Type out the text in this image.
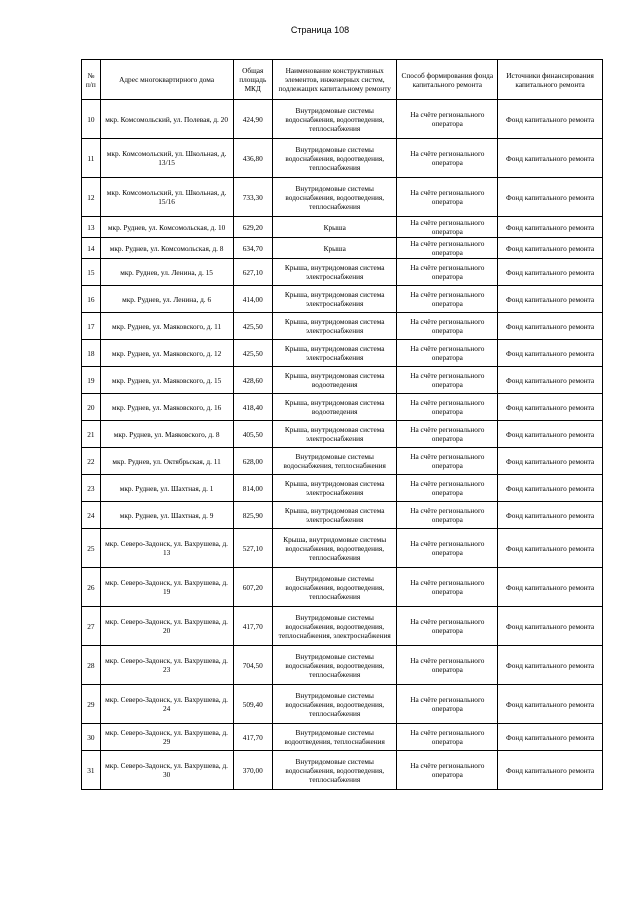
Страница 108
№ п/п	Адрес многоквартирного дома	Общая площадь МКД	Наименование конструктивных элементов, инженерных систем, подлежащих капитальному ремонту	Способ формирования фонда капитального ремонта	Источники финансирования капитального ремонта
10	мкр. Комсомольский, ул. Полевая, д. 20	424,90	Внутридомовые системы водоснабжения, водоотведения, теплоснабжения	На счёте регионального оператора	Фонд капитального ремонта
11	мкр. Комсомольский, ул. Школьная, д. 13/15	436,80	Внутридомовые системы водоснабжения, водоотведения, теплоснабжения	На счёте регионального оператора	Фонд капитального ремонта
12	мкр. Комсомольский, ул. Школьная, д. 15/16	733,30	Внутридомовые системы водоснабжения, водоотведения, теплоснабжения	На счёте регионального оператора	Фонд капитального ремонта
13	мкр. Руднев, ул. Комсомольская, д. 10	629,20	Крыша	На счёте регионального оператора	Фонд капитального ремонта
14	мкр. Руднев, ул. Комсомольская, д. 8	634,70	Крыша	На счёте регионального оператора	Фонд капитального ремонта
15	мкр. Руднев, ул. Ленина, д. 15	627,10	Крыша, внутридомовая система электроснабжения	На счёте регионального оператора	Фонд капитального ремонта
16	мкр. Руднев, ул. Ленина, д. 6	414,00	Крыша, внутридомовая система электроснабжения	На счёте регионального оператора	Фонд капитального ремонта
17	мкр. Руднев, ул. Маяковского, д. 11	425,50	Крыша, внутридомовая система электроснабжения	На счёте регионального оператора	Фонд капитального ремонта
18	мкр. Руднев, ул. Маяковского, д. 12	425,50	Крыша, внутридомовая система электроснабжения	На счёте регионального оператора	Фонд капитального ремонта
19	мкр. Руднев, ул. Маяковского, д. 15	428,60	Крыша, внутридомовая система водоотведения	На счёте регионального оператора	Фонд капитального ремонта
20	мкр. Руднев, ул. Маяковского, д. 16	418,40	Крыша, внутридомовая система водоотведения	На счёте регионального оператора	Фонд капитального ремонта
21	мкр. Руднев, ул. Маяковского, д. 8	405,50	Крыша, внутридомовая система электроснабжения	На счёте регионального оператора	Фонд капитального ремонта
22	мкр. Руднев, ул. Октябрьская, д. 11	628,00	Внутридомовые системы водоснабжения, теплоснабжения	На счёте регионального оператора	Фонд капитального ремонта
23	мкр. Руднев, ул. Шахтная, д. 1	814,00	Крыша, внутридомовая система электроснабжения	На счёте регионального оператора	Фонд капитального ремонта
24	мкр. Руднев, ул. Шахтная, д. 9	825,90	Крыша, внутридомовая система электроснабжения	На счёте регионального оператора	Фонд капитального ремонта
25	мкр. Северо-Задонск, ул. Вахрушева, д. 13	527,10	Крыша, внутридомовые системы водоснабжения, водоотведения, теплоснабжения	На счёте регионального оператора	Фонд капитального ремонта
26	мкр. Северо-Задонск, ул. Вахрушева, д. 19	607,20	Внутридомовые системы водоснабжения, водоотведения, теплоснабжения	На счёте регионального оператора	Фонд капитального ремонта
27	мкр. Северо-Задонск, ул. Вахрушева, д. 20	417,70	Внутридомовые системы водоснабжения, водоотведения, теплоснабжения, электроснабжения	На счёте регионального оператора	Фонд капитального ремонта
28	мкр. Северо-Задонск, ул. Вахрушева, д. 23	704,50	Внутридомовые системы водоснабжения, водоотведения, теплоснабжения	На счёте регионального оператора	Фонд капитального ремонта
29	мкр. Северо-Задонск, ул. Вахрушева, д. 24	509,40	Внутридомовые системы водоснабжения, водоотведения, теплоснабжения	На счёте регионального оператора	Фонд капитального ремонта
30	мкр. Северо-Задонск, ул. Вахрушева, д. 29	417,70	Внутридомовые системы водоотведения, теплоснабжения	На счёте регионального оператора	Фонд капитального ремонта
31	мкр. Северо-Задонск, ул. Вахрушева, д. 30	370,00	Внутридомовые системы водоснабжения, водоотведения, теплоснабжения	На счёте регионального оператора	Фонд капитального ремонта
